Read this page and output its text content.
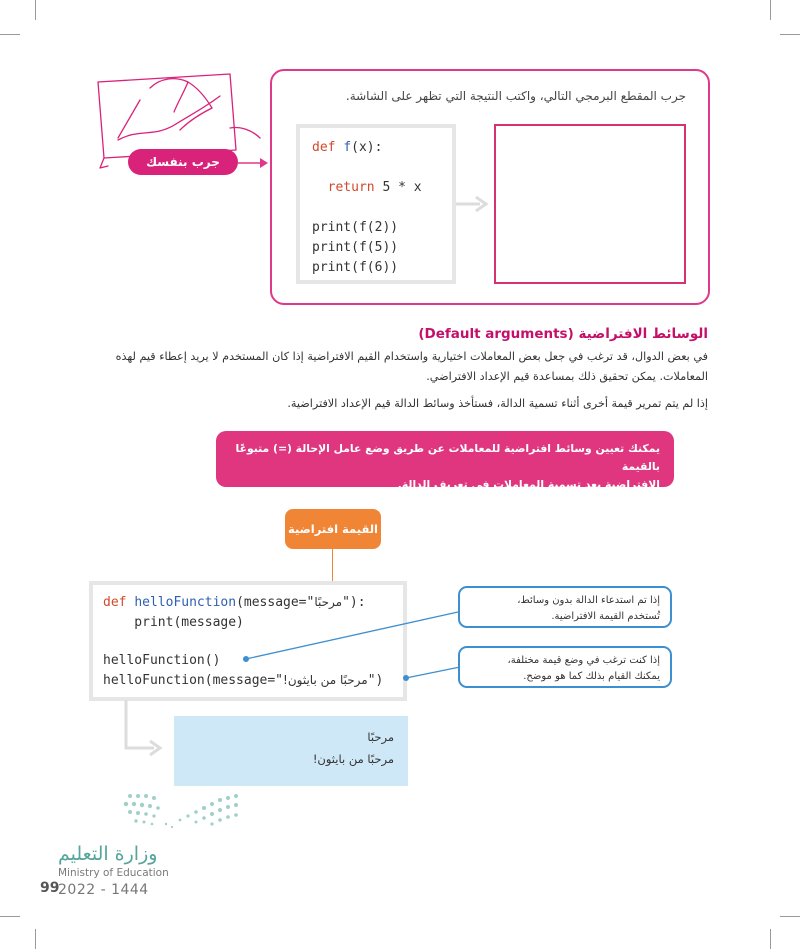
جرب بنفسك
جرب المقطع البرمجي التالي، واكتب النتيجة التي تظهر على الشاشة.
def f(x):

return 5 * x

print(f(2))
print(f(5))
print(f(6))
الوسائط الافتراضية (Default arguments)
في بعض الدوال، قد ترغب في جعل بعض المعاملات اختيارية واستخدام القيم الافتراضية إذا كان المستخدم لا يريد إعطاء قيم لهذه
المعاملات. يمكن تحقيق ذلك بمساعدة قيم الإعداد الافتراضي.
إذا لم يتم تمرير قيمة أخرى أثناء تسمية الدالة، فستأخذ وسائط الدالة قيم الإعداد الافتراضية.
يمكنك تعيين وسائط افتراضية للمعاملات عن طريق وضع عامل الإحالة (=) متبوعًا بالقيمة
الافتراضية بعد تسمية المعاملات في تعريف الدالة.
القيمة افتراضية
def helloFunction(message="مرحبًا"):
print(message)
helloFunction()
helloFunction(message="مرحبًا من بايثون!")
إذا تم استدعاء الدالة بدون وسائط،
تُستخدم القيمة الافتراضية.
إذا كنت ترغب في وضع قيمة مختلفة،
يمكنك القيام بذلك كما هو موضح.
مرحبًا
مرحبًا من بايثون!
وزارة التعليم
Ministry of Education
99
2022 - 1444
